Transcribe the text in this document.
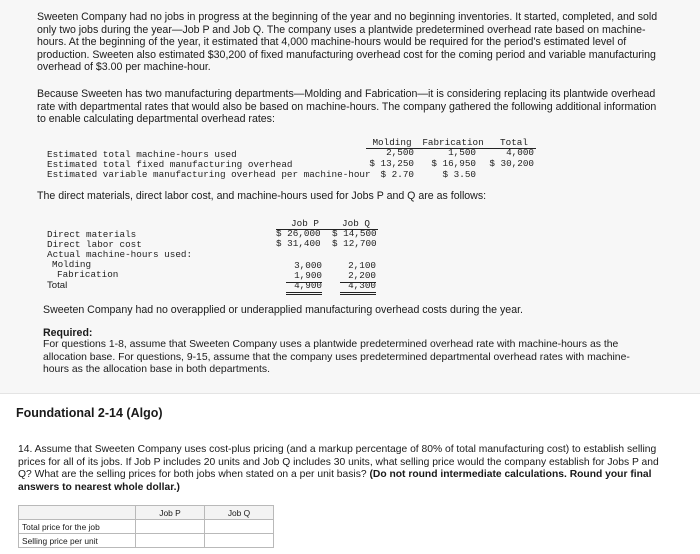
Sweeten Company had no jobs in progress at the beginning of the year and no beginning inventories. It started, completed, and sold only two jobs during the year—Job P and Job Q. The company uses a plantwide predetermined overhead rate based on machine-hours. At the beginning of the year, it estimated that 4,000 machine-hours would be required for the period's estimated level of production. Sweeten also estimated $30,200 of fixed manufacturing overhead cost for the coming period and variable manufacturing overhead of $3.00 per machine-hour.

Because Sweeten has two manufacturing departments—Molding and Fabrication—it is considering replacing its plantwide overhead rate with departmental rates that would also be based on machine-hours. The company gathered the following additional information to enable calculating departmental overhead rates:

Molding	Fabrication	Total
Estimated total machine-hours used	2,500	1,500	4,000
Estimated total fixed manufacturing overhead	$ 13,250	$ 16,950	$ 30,200
Estimated variable manufacturing overhead per machine-hour	$ 2.70	$ 3.50

The direct materials, direct labor cost, and machine-hours used for Jobs P and Q are as follows:

Job P	Job Q
Direct materials	$ 26,000 $ 14,500
Direct labor cost	$ 31,400 $ 12,700
Actual machine-hours used:
Molding	3,000	2,100
Fabrication	1,900	2,200
Total	4,900	4,300

Sweeten Company had no overapplied or underapplied manufacturing overhead costs during the year.

Required:

For questions 1-8, assume that Sweeten Company uses a plantwide predetermined overhead rate with machine-hours as the allocation base. For questions, 9-15, assume that the company uses predetermined departmental overhead rates with machine-hours as the allocation base in both departments.

Foundational 2-14 (Algo)

14. Assume that Sweeten Company uses cost-plus pricing (and a markup percentage of 80% of total manufacturing cost) to establish selling prices for all of its jobs. If Job P includes 20 units and Job Q includes 30 units, what selling price would the company establish for Jobs P and Q? What are the selling prices for both jobs when stated on a per unit basis? (Do not round intermediate calculations. Round your final answers to nearest whole dollar.)

	Job P	Job Q
Total price for the job		
Selling price per unit		
